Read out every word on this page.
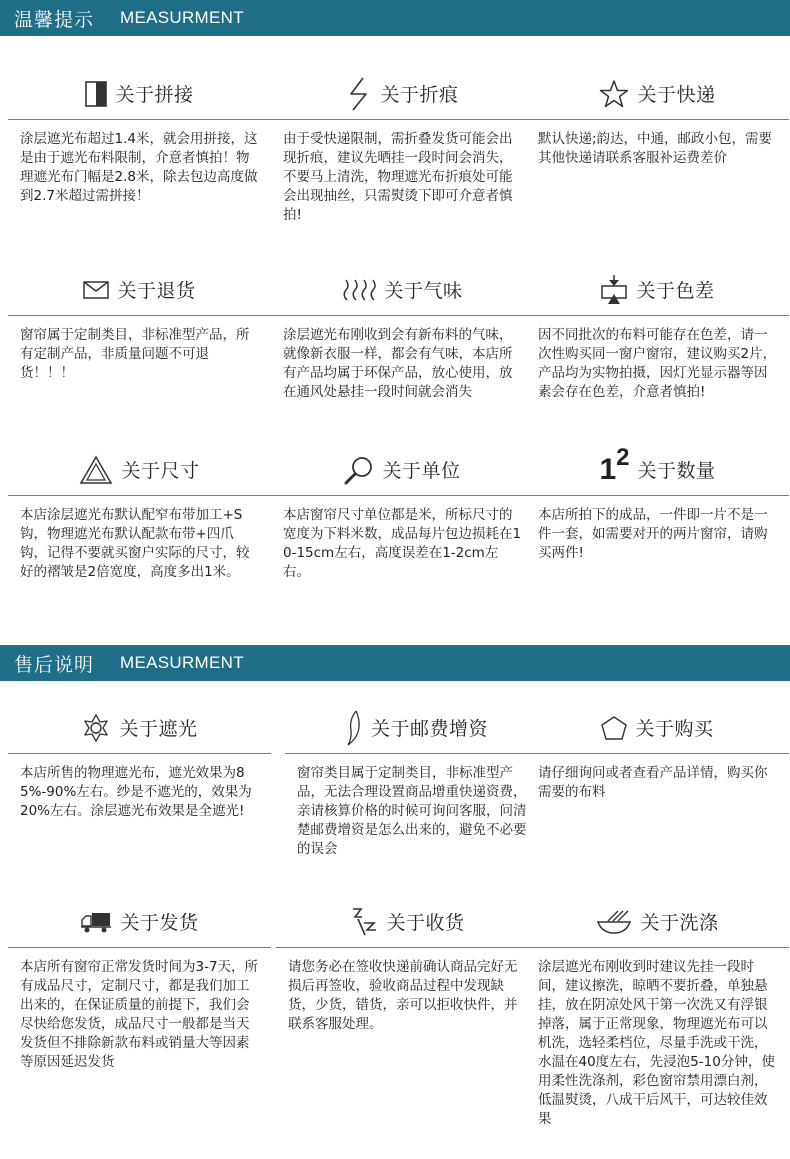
温馨提示 MEASURMENT
关于拼接
涂层遮光布超过1.4米，就会用拼接，这是由于遮光布料限制，介意者慎拍！物理遮光布门幅是2.8米，除去包边高度做到2.7米超过需拼接！
关于折痕
由于受快递限制，需折叠发货可能会出现折痕，建议先晒挂一段时间会消失，不要马上清洗，物理遮光布折痕处可能会出现抽丝，只需熨烫下即可介意者慎拍!
关于快递
默认快递;韵达，中通，邮政小包，需要其他快递请联系客服补运费差价
关于退货
窗帘属于定制类目，非标准型产品，所有定制产品，非质量问题不可退货！！！
关于气味
涂层遮光布刚收到会有新布料的气味，就像新衣服一样，都会有气味，本店所有产品均属于环保产品，放心使用，放在通风处悬挂一段时间就会消失
关于色差
因不同批次的布料可能存在色差，请一次性购买同一窗户窗帘，建议购买2片，产品均为实物拍摄，因灯光显示器等因素会存在色差，介意者慎拍!
关于尺寸
本店涂层遮光布默认配窄布带加工+S钩，物理遮光布默认配款布带+四爪钩，记得不要就买窗户实际的尺寸，较好的褶皱是2倍宽度，高度多出1米。
关于单位
本店窗帘尺寸单位都是米，所标尺寸的宽度为下料米数，成品每片包边损耗在10-15cm左右，高度误差在1-2cm左右。
1 2
关于数量
本店所拍下的成品，一件即一片不是一件一套，如需要对开的两片窗帘，请购买两件!
售后说明 MEASURMENT
关于遮光
本店所售的物理遮光布，遮光效果为85%-90%左右。纱是不遮光的，效果为20%左右。涂层遮光布效果是全遮光!
关于邮费增资
窗帘类目属于定制类目，非标准型产品，无法合理设置商品增重快递资费，亲请核算价格的时候可询问客服，问清楚邮费增资是怎么出来的，避免不必要的误会
关于购买
请仔细询问或者查看产品详情，购买你需要的布料
关于发货
本店所有窗帘正常发货时间为3-7天，所有成品尺寸，定制尺寸，都是我们加工出来的，在保证质量的前提下，我们会尽快给您发货，成品尺寸一般都是当天发货但不排除新款布料或销量大等因素等原因延迟发货
关于收货
请您务必在签收快递前确认商品完好无损后再签收，验收商品过程中发现缺货，少货，错货，亲可以拒收快件，并联系客服处理。
关于洗涤
涂层遮光布刚收到时建议先挂一段时间，建议擦洗，晾晒不要折叠，单独悬挂，放在阴凉处风干第一次洗又有浮银掉落，属于正常现象，物理遮光布可以机洗，选轻柔档位，尽量手洗或干洗，水温在40度左右，先浸泡5-10分钟，使用柔性洗涤剂，彩色窗帘禁用漂白剂，低温熨烫，八成干后风干，可达较佳效果
